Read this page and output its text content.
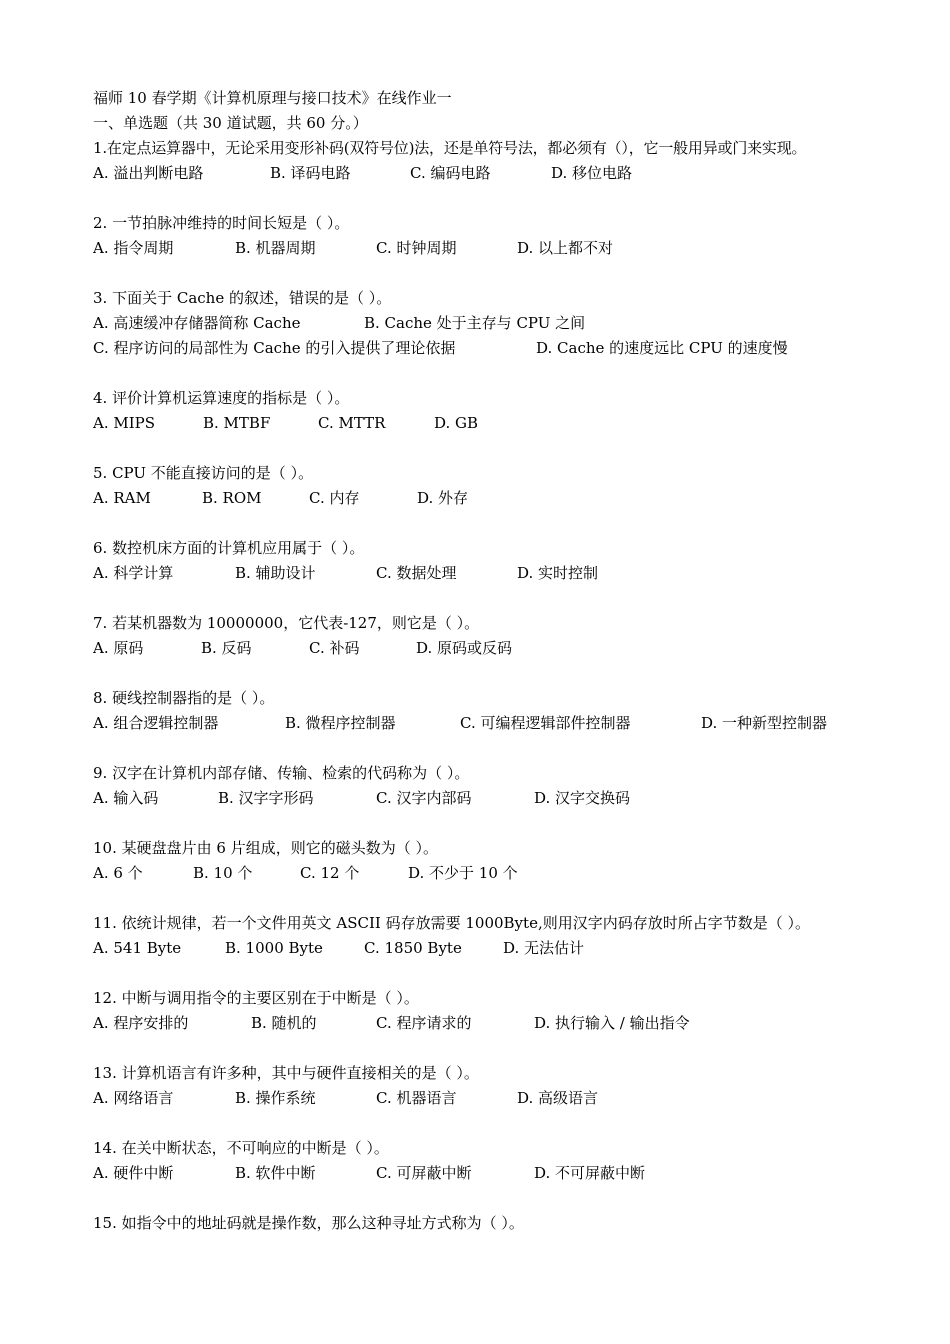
福师 10 春学期《计算机原理与接口技术》在线作业一
一、单选题（共 30 道试题，共 60 分。）
1.在定点运算器中，无论采用变形补码(双符号位)法，还是单符号法，都必须有（），它一般用异或门来实现。
A. 溢出判断电路	B. 译码电路	C. 编码电路	D. 移位电路
2. 一节拍脉冲维持的时间长短是（ ）。
A. 指令周期	B. 机器周期	C. 时钟周期	D. 以上都不对
3. 下面关于 Cache 的叙述，错误的是（ ）。
A. 高速缓冲存储器简称 Cache	B. Cache 处于主存与 CPU 之间
C. 程序访问的局部性为 Cache 的引入提供了理论依据	D. Cache 的速度远比 CPU 的速度慢
4. 评价计算机运算速度的指标是（ ）。
A. MIPS	B. MTBF	C. MTTR	D. GB
5. CPU 不能直接访问的是（ ）。
A. RAM	B. ROM	C. 内存	D. 外存
6. 数控机床方面的计算机应用属于（ ）。
A. 科学计算	B. 辅助设计	C. 数据处理	D. 实时控制
7. 若某机器数为 10000000，它代表-127，则它是（ ）。
A. 原码	B. 反码	C. 补码	D. 原码或反码
8. 硬线控制器指的是（ ）。
A. 组合逻辑控制器	B. 微程序控制器	C. 可编程逻辑部件控制器	D. 一种新型控制器
9. 汉字在计算机内部存储、传输、检索的代码称为（ ）。
A. 输入码	B. 汉字字形码	C. 汉字内部码	D. 汉字交换码
10. 某硬盘盘片由 6 片组成，则它的磁头数为（ ）。
A. 6 个	B. 10 个	C. 12 个	D. 不少于 10 个
11. 依统计规律，若一个文件用英文 ASCII 码存放需要 1000Byte,则用汉字内码存放时所占字节数是（ ）。
A. 541 Byte	B. 1000 Byte	C. 1850 Byte	D. 无法估计
12. 中断与调用指令的主要区别在于中断是（ ）。
A. 程序安排的	B. 随机的	C. 程序请求的	D. 执行输入 / 输出指令
13. 计算机语言有许多种，其中与硬件直接相关的是（ ）。
A. 网络语言	B. 操作系统	C. 机器语言	D. 高级语言
14. 在关中断状态，不可响应的中断是（ ）。
A. 硬件中断	B. 软件中断	C. 可屏蔽中断	D. 不可屏蔽中断
15. 如指令中的地址码就是操作数，那么这种寻址方式称为（ ）。
